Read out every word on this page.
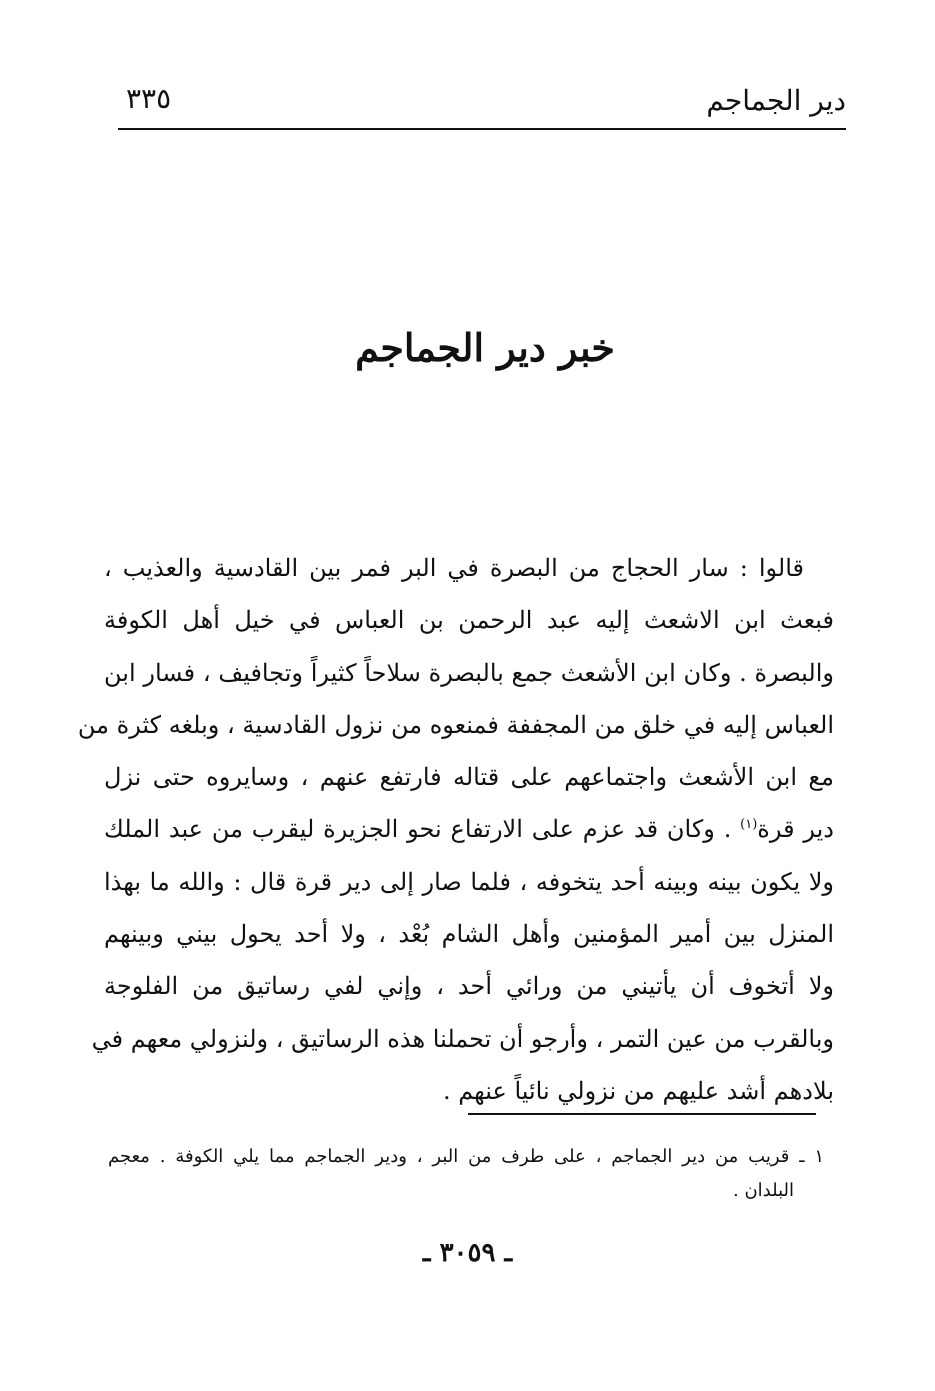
دير الجماجم
٣٣٥
خبر دير الجماجم
قالوا : سار الحجاج من البصرة في البر فمر بين القادسية والعذيب ،
فبعث ابن الاشعث إليه عبد الرحمن بن العباس في خيل أهل الكوفة
والبصرة . وكان ابن الأشعث جمع بالبصرة سلاحاً كثيراً وتجافيف ، فسار ابن
العباس إليه في خلق من المجففة فمنعوه من نزول القادسية ، وبلغه كثرة من
مع ابن الأشعث واجتماعهم على قتاله فارتفع عنهم ، وسايروه حتى نزل
دير قرة$^{(١)}$ . وكان قد عزم على الارتفاع نحو الجزيرة ليقرب من عبد الملك
ولا يكون بينه وبينه أحد يتخوفه ، فلما صار إلى دير قرة قال : والله ما بهذا
المنزل بين أمير المؤمنين وأهل الشام بُعْد ، ولا أحد يحول بيني وبينهم
ولا أتخوف أن يأتيني من ورائي أحد ، وإني لفي رساتيق من الفلوجة
وبالقرب من عين التمر ، وأرجو أن تحملنا هذه الرساتيق ، ولنزولي معهم في
بلادهم أشد عليهم من نزولي نائياً عنهم .
١ ـ قريب من دير الجماجم ، على طرف من البر ، ودير الجماجم مما يلي الكوفة . معجم
البلدان .
ـ ٣٠٥٩ ـ
